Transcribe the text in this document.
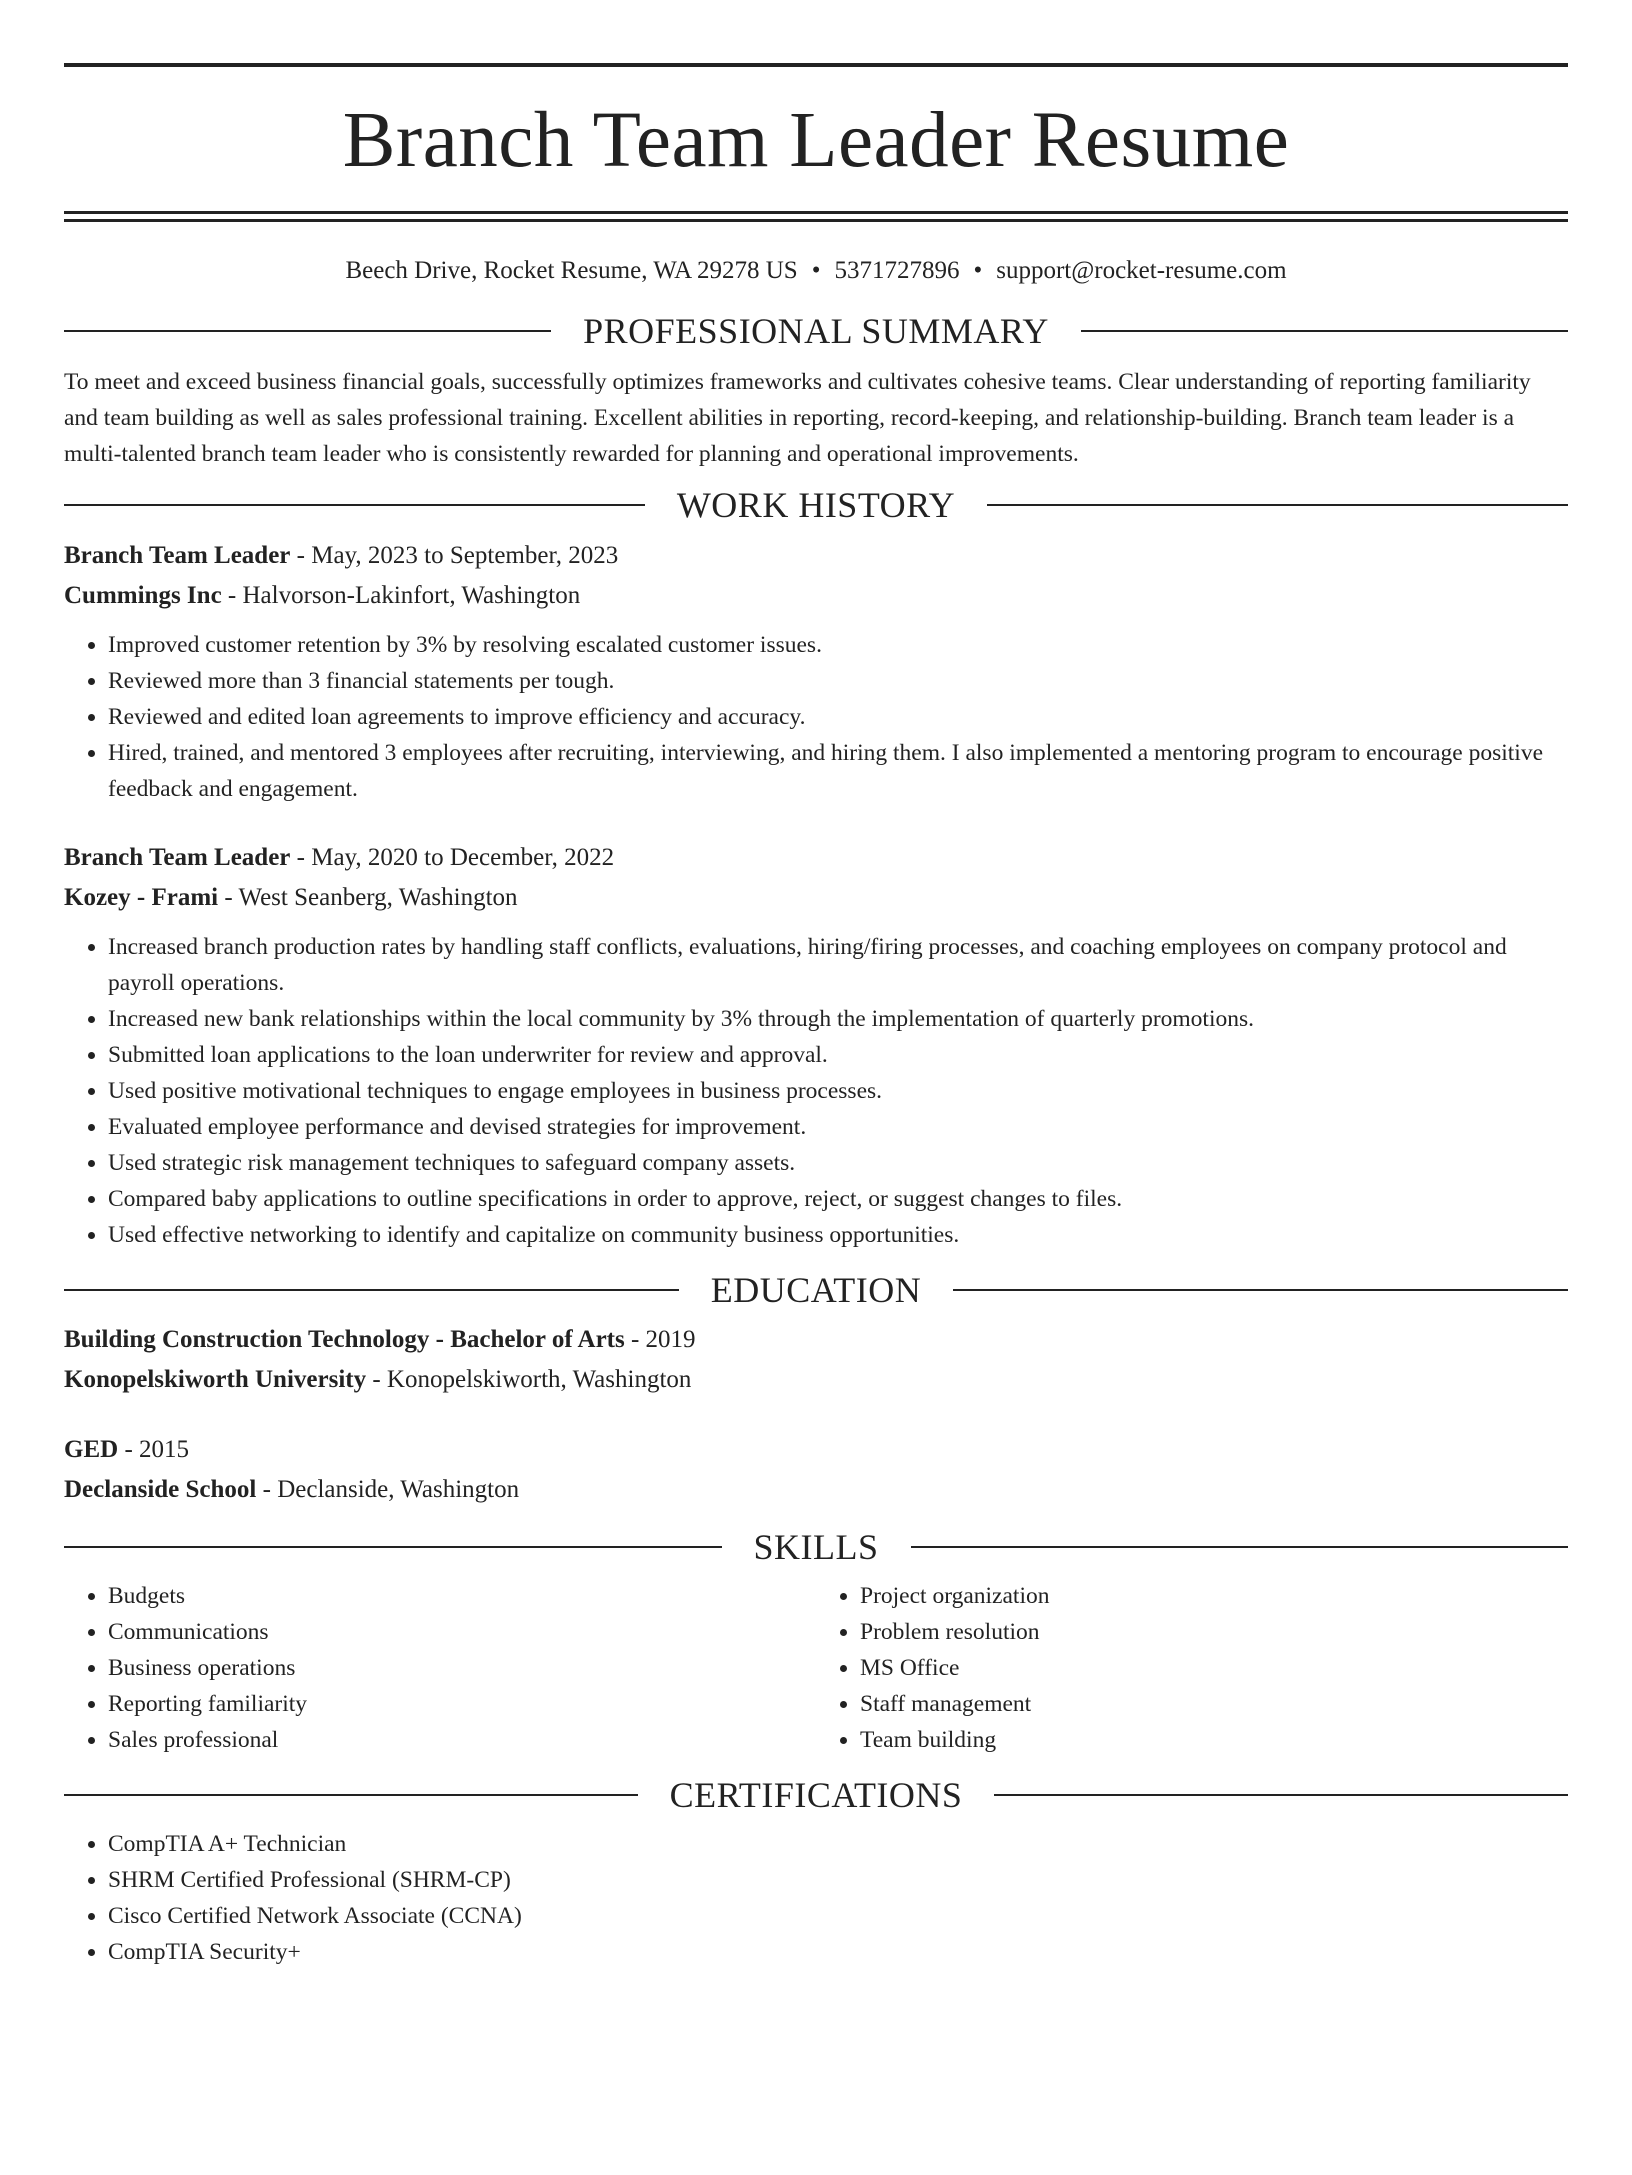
Branch Team Leader Resume
Beech Drive, Rocket Resume, WA 29278 US • 5371727896 • support@rocket-resume.com
PROFESSIONAL SUMMARY

To meet and exceed business financial goals, successfully optimizes frameworks and cultivates cohesive teams. Clear understanding of reporting familiarity and team building as well as sales professional training. Excellent abilities in reporting, record-keeping, and relationship-building. Branch team leader is a multi-talented branch team leader who is consistently rewarded for planning and operational improvements.

WORK HISTORY

Branch Team Leader - May, 2023 to September, 2023

Cummings Inc - Halvorson-Lakinfort, Washington

• Improved customer retention by 3% by resolving escalated customer issues.
• Reviewed more than 3 financial statements per tough.
• Reviewed and edited loan agreements to improve efficiency and accuracy.
• Hired, trained, and mentored 3 employees after recruiting, interviewing, and hiring them. I also implemented a mentoring program to encourage positive feedback and engagement.

Branch Team Leader - May, 2020 to December, 2022

Kozey - Frami - West Seanberg, Washington

• Increased branch production rates by handling staff conflicts, evaluations, hiring/firing processes, and coaching employees on company protocol and payroll operations.
• Increased new bank relationships within the local community by 3% through the implementation of quarterly promotions.
• Submitted loan applications to the loan underwriter for review and approval.
• Used positive motivational techniques to engage employees in business processes.
• Evaluated employee performance and devised strategies for improvement.
• Used strategic risk management techniques to safeguard company assets.
• Compared baby applications to outline specifications in order to approve, reject, or suggest changes to files.
• Used effective networking to identify and capitalize on community business opportunities.
EDUCATION

Building Construction Technology - Bachelor of Arts - 2019

Konopelskiworth University - Konopelskiworth, Washington

GED - 2015

Declanside School - Declanside, Washington

SKILLS
• Budgets
• Communications
• Business operations
• Reporting familiarity
• Sales professional
• Project organization
• Problem resolution
• MS Office
• Staff management
• Team building
CERTIFICATIONS
• CompTIA A+ Technician
• SHRM Certified Professional (SHRM-CP)
• Cisco Certified Network Associate (CCNA)
• CompTIA Security+
